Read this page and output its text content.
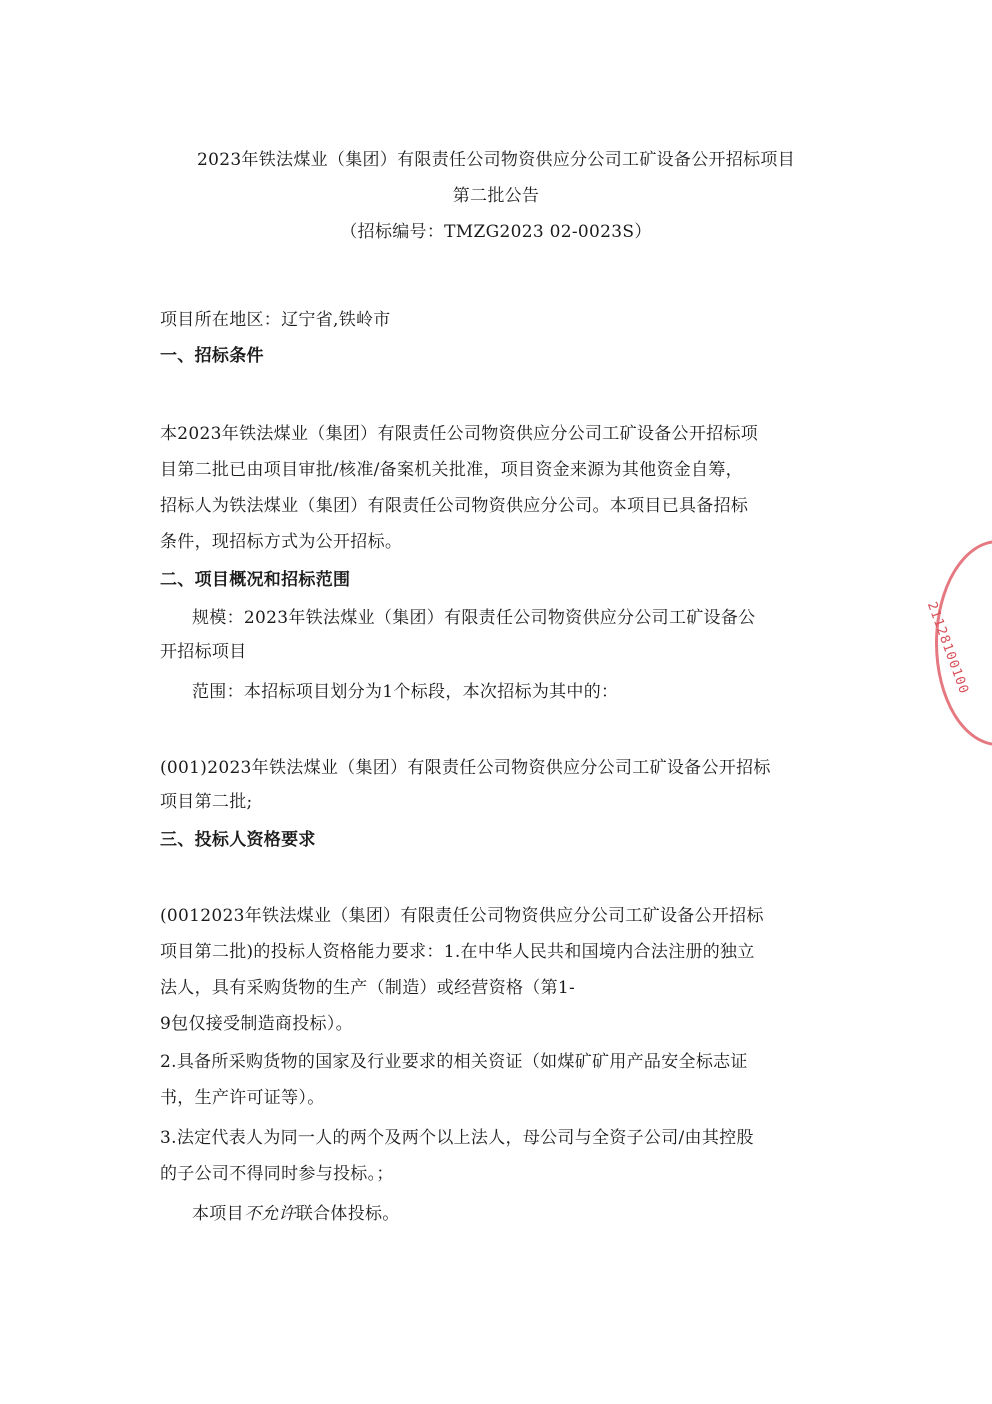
2023年铁法煤业（集团）有限责任公司物资供应分公司工矿设备公开招标项目
第二批公告
（招标编号：TMZG2023 02-0023S）
项目所在地区：辽宁省,铁岭市
一、招标条件
本2023年铁法煤业（集团）有限责任公司物资供应分公司工矿设备公开招标项
目第二批已由项目审批/核准/备案机关批准，项目资金来源为其他资金自筹，
招标人为铁法煤业（集团）有限责任公司物资供应分公司。本项目已具备招标
条件，现招标方式为公开招标。
二、项目概况和招标范围
规模：2023年铁法煤业（集团）有限责任公司物资供应分公司工矿设备公
开招标项目
范围：本招标项目划分为1个标段，本次招标为其中的：
(001)2023年铁法煤业（集团）有限责任公司物资供应分公司工矿设备公开招标
项目第二批;
三、投标人资格要求
(0012023年铁法煤业（集团）有限责任公司物资供应分公司工矿设备公开招标
项目第二批)的投标人资格能力要求：1.在中华人民共和国境内合法注册的独立
法人，具有采购货物的生产（制造）或经营资格（第1-
9包仅接受制造商投标）。
2.具备所采购货物的国家及行业要求的相关资证（如煤矿矿用产品安全标志证
书，生产许可证等）。
3.法定代表人为同一人的两个及两个以上法人，母公司与全资子公司/由其控股
的子公司不得同时参与投标。；
本项目不允许联合体投标。
21128100100
